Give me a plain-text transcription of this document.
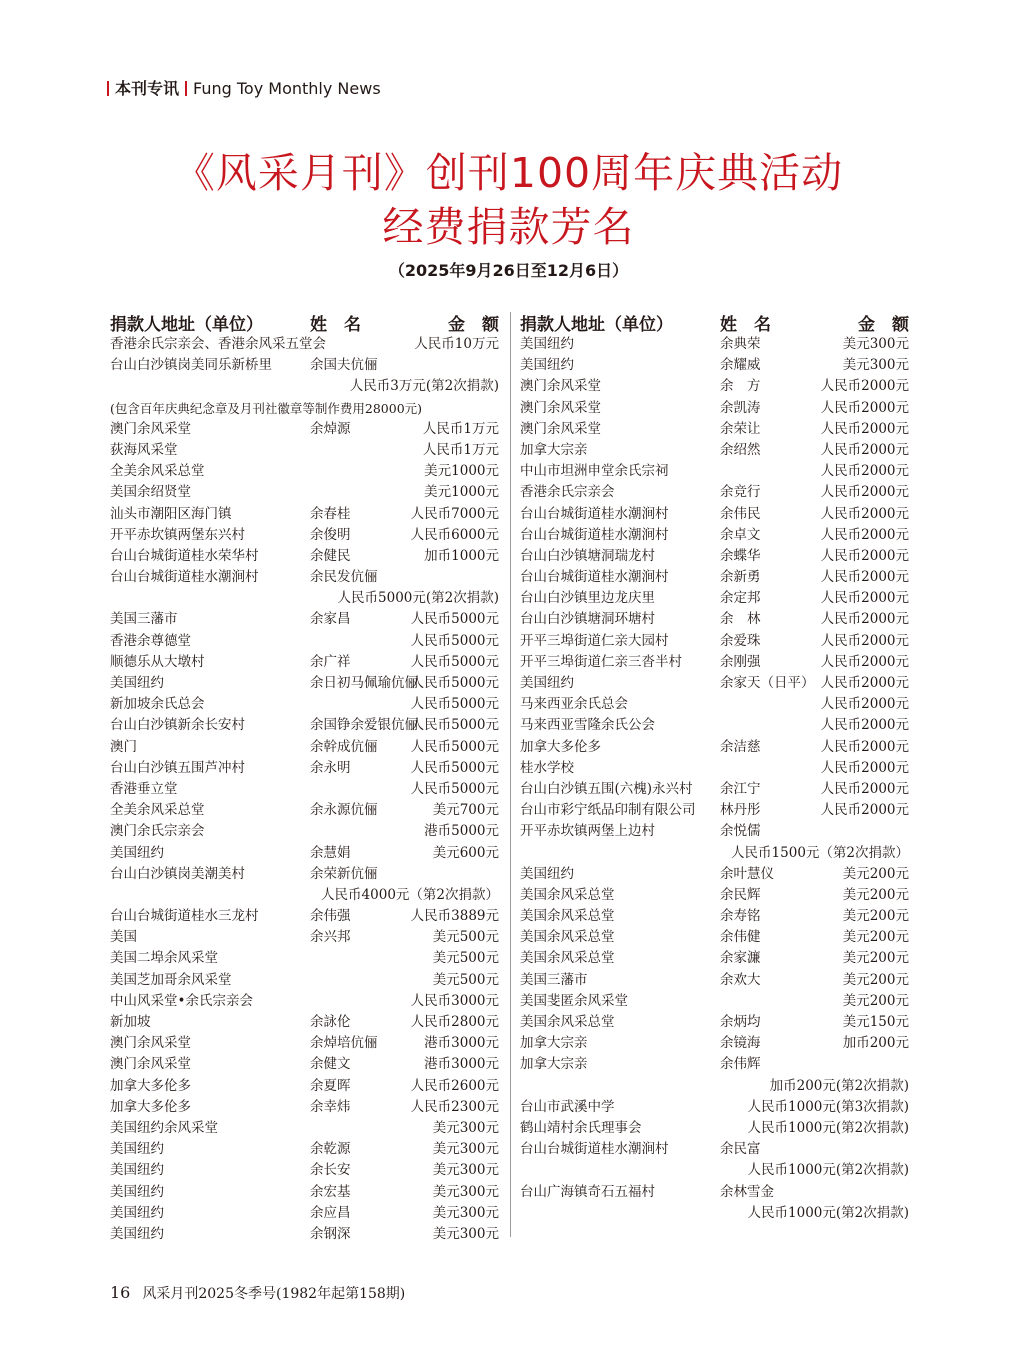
本刊专讯 Fung Toy Monthly News
《风采月刊》创刊100周年庆典活动
经费捐款芳名
（2025年9月26日至12月6日）
捐款人地址（单位）	姓　名	金　额
香港余氏宗亲会、香港余风采五堂会	人民币10万元
台山白沙镇岗美同乐新桥里	余国夫伉俪
人民币3万元(第2次捐款)
(包含百年庆典纪念章及月刊社徽章等制作费用28000元)
澳门余风采堂	余焯源	人民币1万元
荻海风采堂	人民币1万元
全美余风采总堂	美元1000元
美国余绍贤堂	美元1000元
汕头市潮阳区海门镇	余春桂	人民币7000元
开平赤坎镇两堡东兴村	余俊明	人民币6000元
台山台城街道桂水荣华村	余健民	加币1000元
台山台城街道桂水潮涧村	余民发伉俪
人民币5000元(第2次捐款)
美国三藩市	余家昌	人民币5000元
香港余尊德堂	人民币5000元
顺德乐从大墩村	余广祥	人民币5000元
美国纽约	余日初马佩瑜伉俪
人民币5000元
新加坡余氏总会	人民币5000元
台山白沙镇新余长安村	余国铮余爱银伉俪
人民币5000元
澳门	余幹成伉俪 人民币5000元
台山白沙镇五围芦冲村	余永明	人民币5000元
香港垂立堂	人民币5000元
全美余风采总堂	余永源伉俪	美元700元
澳门余氏宗亲会	港币5000元
美国纽约	余慧娟	美元600元
台山白沙镇岗美潮美村	余荣新伉俪
人民币4000元（第2次捐款）
台山台城街道桂水三龙村	余伟强	人民币3889元
美国	余兴邦	美元500元
美国二埠余风采堂	美元500元
美国芝加哥余风采堂	美元500元
中山风采堂•余氏宗亲会	人民币3000元
新加坡	余詠伦	人民币2800元
澳门余风采堂	余焯培伉俪	港币3000元
澳门余风采堂	余健文	港币3000元
加拿大多伦多	余夏晖	人民币2600元
加拿大多伦多	余幸炜	人民币2300元
美国纽约余风采堂	美元300元
美国纽约	余乾源	美元300元
美国纽约	余长安	美元300元
美国纽约	余宏基	美元300元
美国纽约	余应昌	美元300元
美国纽约	余钢深	美元300元
捐款人地址（单位）	姓　名	金　额
美国纽约	余典荣	美元300元
美国纽约	余耀威	美元300元
澳门余风采堂	余　方	人民币2000元
澳门余风采堂	余凯涛	人民币2000元
澳门余风采堂	余荣让	人民币2000元
加拿大宗亲	余绍然	人民币2000元
中山市坦洲申堂余氏宗祠	人民币2000元
香港余氏宗亲会	余竞行	人民币2000元
台山台城街道桂水潮涧村	余伟民	人民币2000元
台山台城街道桂水潮涧村	余卓文	人民币2000元
台山白沙镇塘洞瑞龙村	余蝶华	人民币2000元
台山台城街道桂水潮涧村	余新勇	人民币2000元
台山白沙镇里边龙庆里	余定邦	人民币2000元
台山白沙镇塘洞环塘村	余　林	人民币2000元
开平三埠街道仁亲大园村	余爱珠	人民币2000元
开平三埠街道仁亲三沓半村	余刚强	人民币2000元
美国纽约	余家天（日平） 人民币2000元
马来西亚余氏总会	人民币2000元
马来西亚雪隆余氏公会	人民币2000元
加拿大多伦多	余洁慈	人民币2000元
桂水学校	人民币2000元
台山白沙镇五围(六槐)永兴村 余江宁	人民币2000元
台山市彩宁纸品印制有限公司 林丹彤	人民币2000元
开平赤坎镇两堡上边村	余悦儒
人民币1500元（第2次捐款）
美国纽约	余叶慧仪	美元200元
美国余风采总堂	余民辉	美元200元
美国余风采总堂	余寿铭	美元200元
美国余风采总堂	余伟健	美元200元
美国余风采总堂	余家濂	美元200元
美国三藩市	余欢大	美元200元
美国斐匿余风采堂	美元200元
美国余风采总堂	余炳均	美元150元
加拿大宗亲	余镜海	加币200元
加拿大宗亲	余伟辉
加币200元(第2次捐款)
台山市武溪中学	人民币1000元(第3次捐款)
鹤山靖村余氏理事会	人民币1000元(第2次捐款)
台山台城街道桂水潮涧村	余民富
人民币1000元(第2次捐款)
台山广海镇奇石五福村	余林雪金
人民币1000元(第2次捐款)
16 风采月刊2025冬季号(1982年起第158期)
